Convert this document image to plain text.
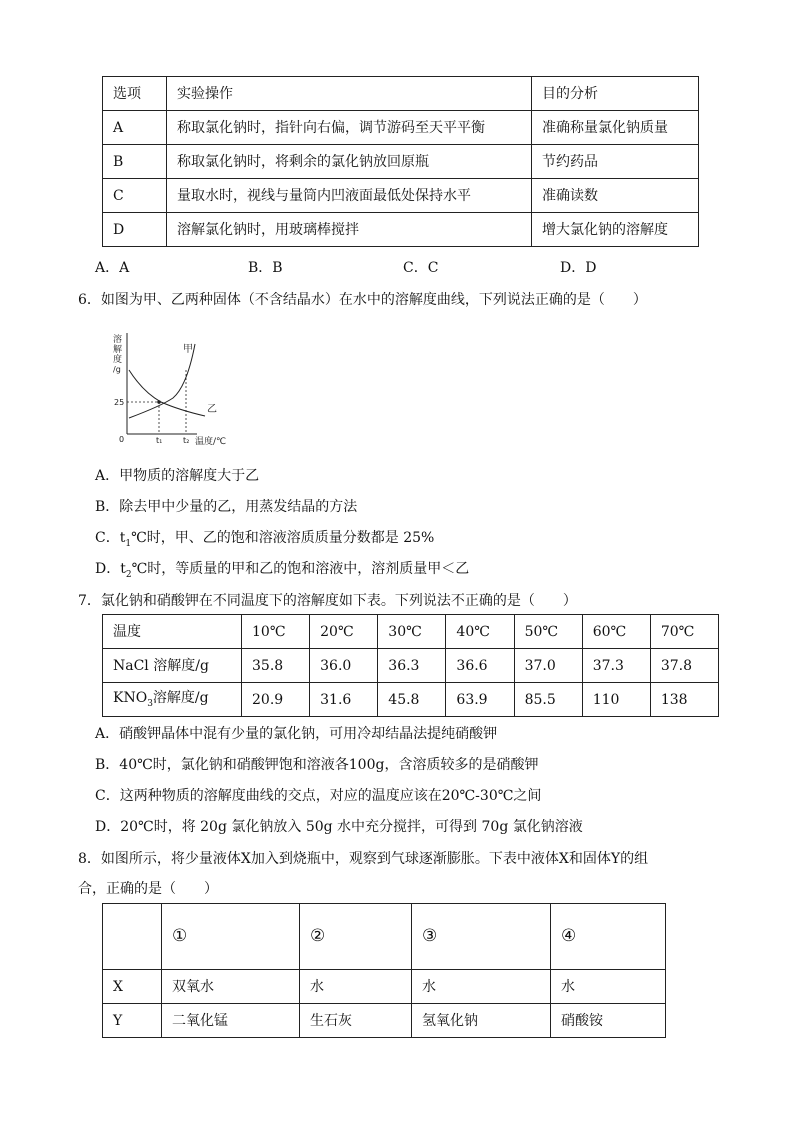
选项	实验操作	目的分析
A	称取氯化钠时，指针向右偏，调节游码至天平平衡	准确称量氯化钠质量
B	称取氯化钠时，将剩余的氯化钠放回原瓶	节约药品
C	量取水时，视线与量筒内凹液面最低处保持水平	准确读数
D	溶解氯化钠时，用玻璃棒搅拌	增大氯化钠的溶解度
A．A	B．B	C．C	D．D
6．如图为甲、乙两种固体（不含结晶水）在水中的溶解度曲线，下列说法正确的是（　　）
溶
解
度
/g
甲
乙
25
0	t₁	t₂ 温度/℃
A．甲物质的溶解度大于乙
B．除去甲中少量的乙，用蒸发结晶的方法
C．$t_1℃$时，甲、乙的饱和溶液溶质质量分数都是 25%
D．$t_2℃$时，等质量的甲和乙的饱和溶液中，溶剂质量甲＜乙
7．氯化钠和硝酸钾在不同温度下的溶解度如下表。下列说法不正确的是（　　）
温度	10℃	20℃	30℃	40℃	50℃	60℃	70℃
NaCl 溶解度/g	35.8	36.0	36.3	36.6	37.0	37.3	37.8
$KNO_3$溶解度/g	20.9	31.6	45.8	63.9	85.5	110	138
A．硝酸钾晶体中混有少量的氯化钠，可用冷却结晶法提纯硝酸钾
B．40℃时，氯化钠和硝酸钾饱和溶液各100g，含溶质较多的是硝酸钾
C．这两种物质的溶解度曲线的交点，对应的温度应该在20℃-30℃之间
D．20℃时，将 20g 氯化钠放入 50g 水中充分搅拌，可得到 70g 氯化钠溶液
8．如图所示，将少量液体X加入到烧瓶中，观察到气球逐渐膨胀。下表中液体X和固体Y的组
合，正确的是（　　）
	①	②	③	④
X	双氧水	水	水	水
Y	二氧化锰	生石灰	氢氧化钠	硝酸铵
